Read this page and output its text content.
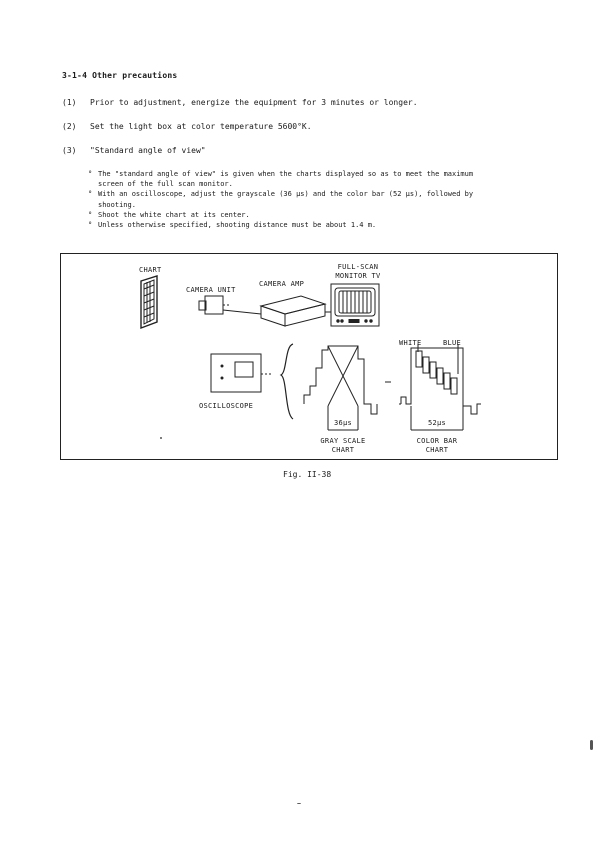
3-1-4 Other precautions
(1) Prior to adjustment, energize the equipment for 3 minutes or longer.
(2) Set the light box at color temperature 5600°K.
(3) "Standard angle of view"
° The "standard angle of view" is given when the charts displayed so as to meet the maximum
screen of the full scan monitor.
° With an oscilloscope, adjust the grayscale (36 μs) and the color bar (52 μs), followed by
shooting.
° Shoot the white chart at its center.
° Unless otherwise specified, shooting distance must be about 1.4 m.
CHART
CAMERA UNIT
CAMERA AMP
FULL-SCAN
MONITOR TV
OSCILLOSCOPE
WHITE	BLUE
36μs	52μs
GRAY SCALE
CHART
COLOR BAR
CHART
Fig. II-38
